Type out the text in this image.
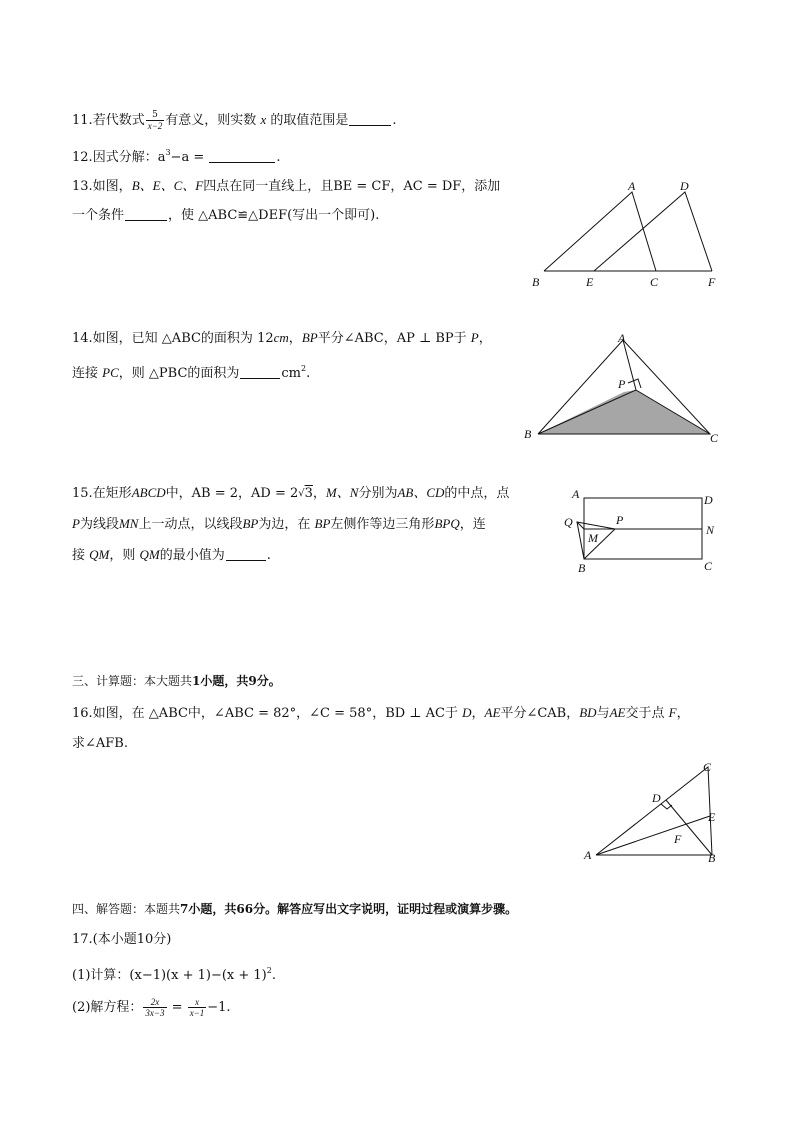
11.若代数式 $\frac{5}{x-2}$ 有意义，则实数 x 的取值范围是	.
12.因式分解：$a^3-a$ =	.
13.如图，B、E、C、F四点在同一直线上，且BE = CF，AC = DF，添加
一个条件	，使 △ABC≌△DEF(写出一个即可).
A	D
B	E	C	F
14.如图，已知 △ABC的面积为 12cm，BP平分∠ABC，AP ⊥ BP于 P，
连接 PC，则 △PBC的面积为	$cm^2$.
A
P
B	C
15.在矩形ABCD中，AB = 2，AD = 2√3，M、N分别为AB、CD的中点，点
P为线段MN上一动点，以线段BP为边，在 BP左侧作等边三角形BPQ，连
接 QM，则 QM的最小值为	.
A	D
Q	P
M
N
B	C
三、计算题：本大题共1小题，共9分。
16.如图，在 △ABC中，∠ABC = 82°，∠C = 58°，BD ⊥ AC于 D，AE平分∠CAB，BD与AE交于点 F，
求∠AFB.
C
D
E
F
A	B
四、解答题：本题共7小题，共66分。解答应写出文字说明，证明过程或演算步骤。
17.(本小题10分)
(1)计算：$(x-1)(x + 1)-(x + 1)^2$.
(2)解方程： $\frac{2x}{3x-3} = \frac{x}{x-1} -1$.
